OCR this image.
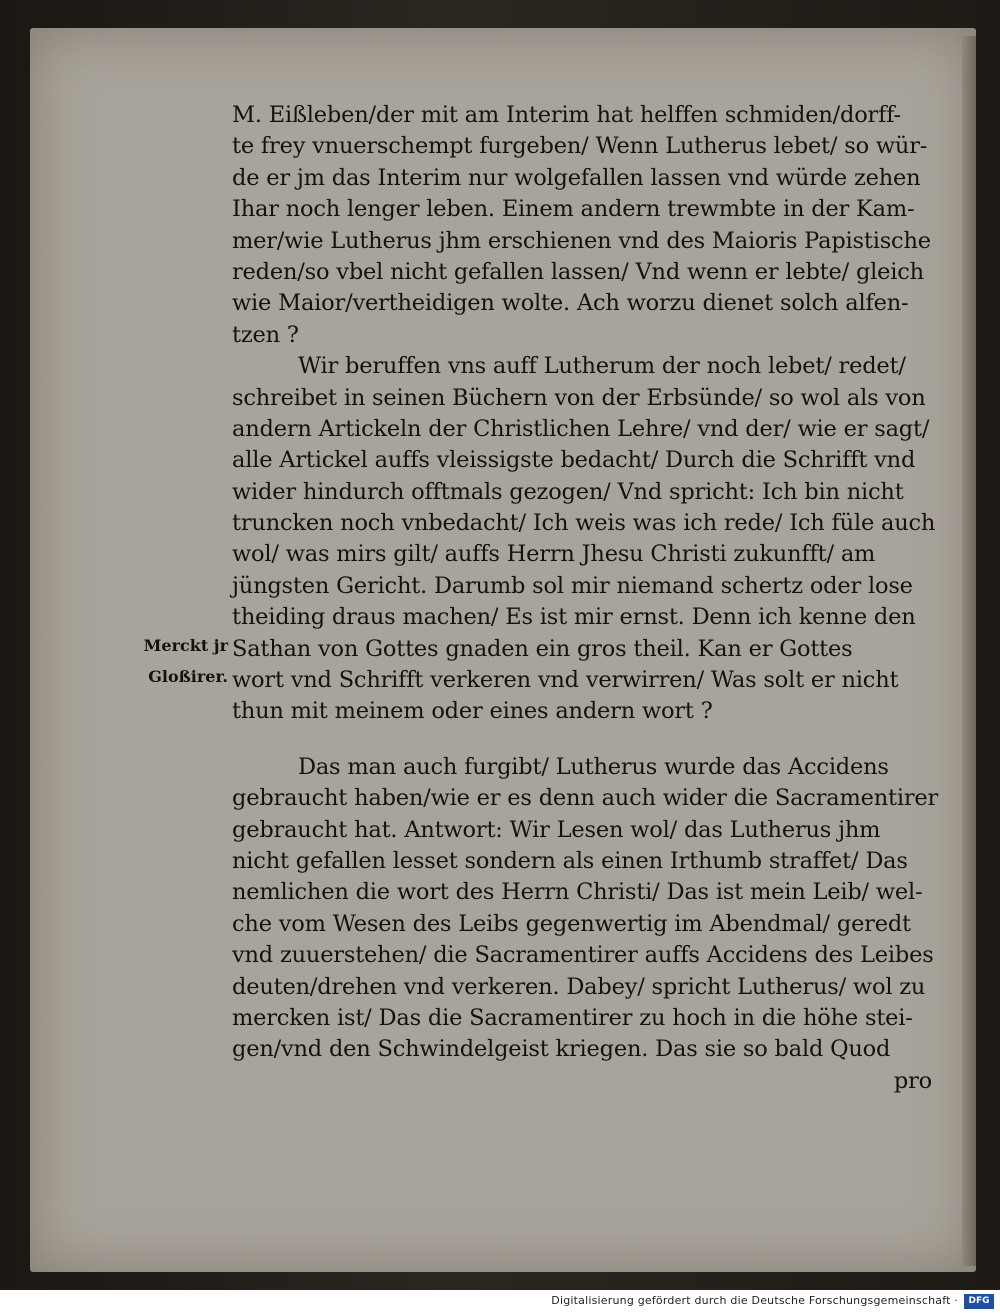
M. Eißleben/der mit am Interim hat helffen schmiden/dorff-
te frey vnuerschempt furgeben/ Wenn Lutherus lebet/ so wür-
de er jm das Interim nur wolgefallen lassen vnd würde zehen
Ihar noch lenger leben. Einem andern trewmbte in der Kam-
mer/wie Lutherus jhm erschienen vnd des Maioris Papistische
reden/so vbel nicht gefallen lassen/ Vnd wenn er lebte/ gleich
wie Maior/vertheidigen wolte. Ach worzu dienet solch alfen-
tzen ?
Wir beruffen vns auff Lutherum der noch lebet/ redet/
schreibet in seinen Büchern von der Erbsünde/ so wol als von
andern Artickeln der Christlichen Lehre/ vnd der/ wie er sagt/
alle Artickel auffs vleissigste bedacht/ Durch die Schrifft vnd
wider hindurch offtmals gezogen/ Vnd spricht: Ich bin nicht
truncken noch vnbedacht/ Ich weis was ich rede/ Ich füle auch
wol/ was mirs gilt/ auffs Herrn Jhesu Christi zukunfft/ am
jüngsten Gericht. Darumb sol mir niemand schertz oder lose
theiding draus machen/ Es ist mir ernst. Denn ich kenne den
Sathan von Gottes gnaden ein gros theil. Kan er Gottes
wort vnd Schrifft verkeren vnd verwirren/ Was solt er nicht
thun mit meinem oder eines andern wort ?
Das man auch furgibt/ Lutherus wurde das Accidens
gebraucht haben/wie er es denn auch wider die Sacramentirer
gebraucht hat. Antwort: Wir Lesen wol/ das Lutherus jhm
nicht gefallen lesset sondern als einen Irthumb straffet/ Das
nemlichen die wort des Herrn Christi/ Das ist mein Leib/ wel-
che vom Wesen des Leibs gegenwertig im Abendmal/ geredt
vnd zuuerstehen/ die Sacramentirer auffs Accidens des Leibes
deuten/drehen vnd verkeren. Dabey/ spricht Lutherus/ wol zu
mercken ist/ Das die Sacramentirer zu hoch in die höhe stei-
gen/vnd den Schwindelgeist kriegen. Das sie so bald Quod
pro
Merckt jr
Gloßirer.
Digitalisierung gefördert durch die Deutsche Forschungsgemeinschaft ·	DFG
